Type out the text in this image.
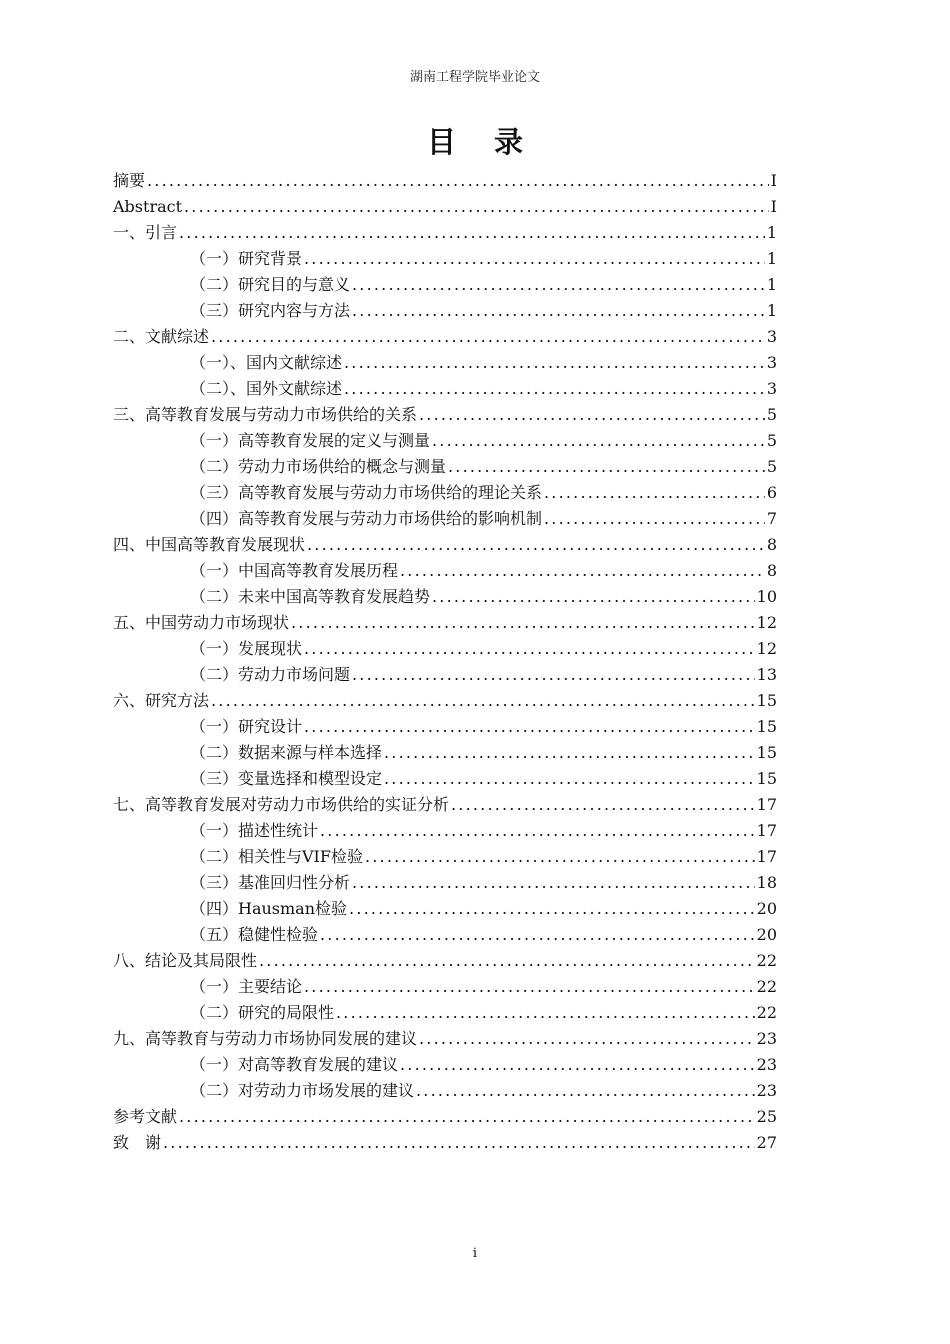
湖南工程学院毕业论文
目 录
摘要 .....	I
Abstract .....	I
一、引言 .....	1
（一）研究背景 .....	1
（二）研究目的与意义 .....	1
（三）研究内容与方法 .....	1
二、文献综述 .....	3
（一）、国内文献综述 .....	3
（二）、国外文献综述 .....	3
三、高等教育发展与劳动力市场供给的关系 .....	5
（一）高等教育发展的定义与测量 .....	5
（二）劳动力市场供给的概念与测量 .....	5
（三）高等教育发展与劳动力市场供给的理论关系 .....	6
（四）高等教育发展与劳动力市场供给的影响机制 .....	7
四、中国高等教育发展现状 .....	8
（一）中国高等教育发展历程 .....	8
（二）未来中国高等教育发展趋势 .....	10
五、中国劳动力市场现状 .....	12
（一）发展现状 .....	12
（二）劳动力市场问题 .....	13
六、研究方法 .....	15
（一）研究设计 .....	15
（二）数据来源与样本选择 .....	15
（三）变量选择和模型设定 .....	15
七、高等教育发展对劳动力市场供给的实证分析 .....	17
（一）描述性统计 .....	17
（二）相关性与VIF检验 .....	17
（三）基准回归性分析 .....	18
（四）Hausman检验 .....	20
（五）稳健性检验 .....	20
八、结论及其局限性 .....	22
（一）主要结论 .....	22
（二）研究的局限性 .....	22
九、高等教育与劳动力市场协同发展的建议 .....	23
（一）对高等教育发展的建议 .....	23
（二）对劳动力市场发展的建议 .....	23
参考文献 .....	25
致　谢 .....	27
i
